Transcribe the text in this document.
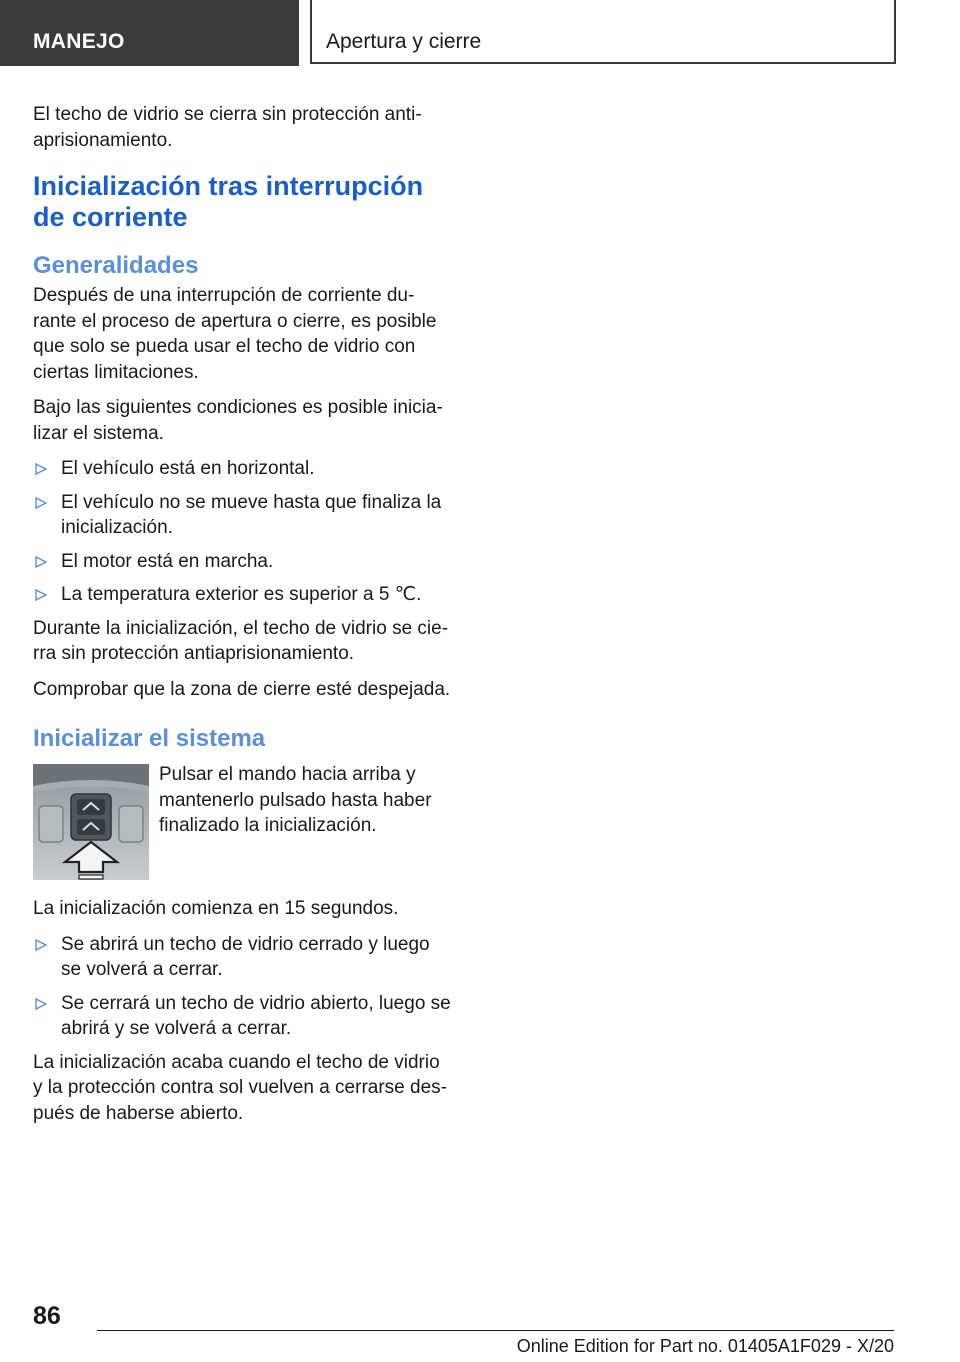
MANEJO	Apertura y cierre

El techo de vidrio se cierra sin protección antiaprisionamiento.

Inicialización tras interrupción de corriente
Generalidades

Después de una interrupción de corriente durante el proceso de apertura o cierre, es posible que solo se pueda usar el techo de vidrio con ciertas limitaciones.

Bajo las siguientes condiciones es posible inicializar el sistema.

El vehículo está en horizontal.
El vehículo no se mueve hasta que finaliza la inicialización.
El motor está en marcha.
La temperatura exterior es superior a 5 ℃.

Durante la inicialización, el techo de vidrio se cierra sin protección antiaprisionamiento.

Comprobar que la zona de cierre esté despejada.

Inicializar el sistema

Pulsar el mando hacia arriba y mantenerlo pulsado hasta haber finalizado la inicialización.

La inicialización comienza en 15 segundos.

Se abrirá un techo de vidrio cerrado y luego se volverá a cerrar.
Se cerrará un techo de vidrio abierto, luego se abrirá y se volverá a cerrar.

La inicialización acaba cuando el techo de vidrio y la protección contra sol vuelven a cerrarse después de haberse abierto.

86
Online Edition for Part no. 01405A1F029 - X/20
